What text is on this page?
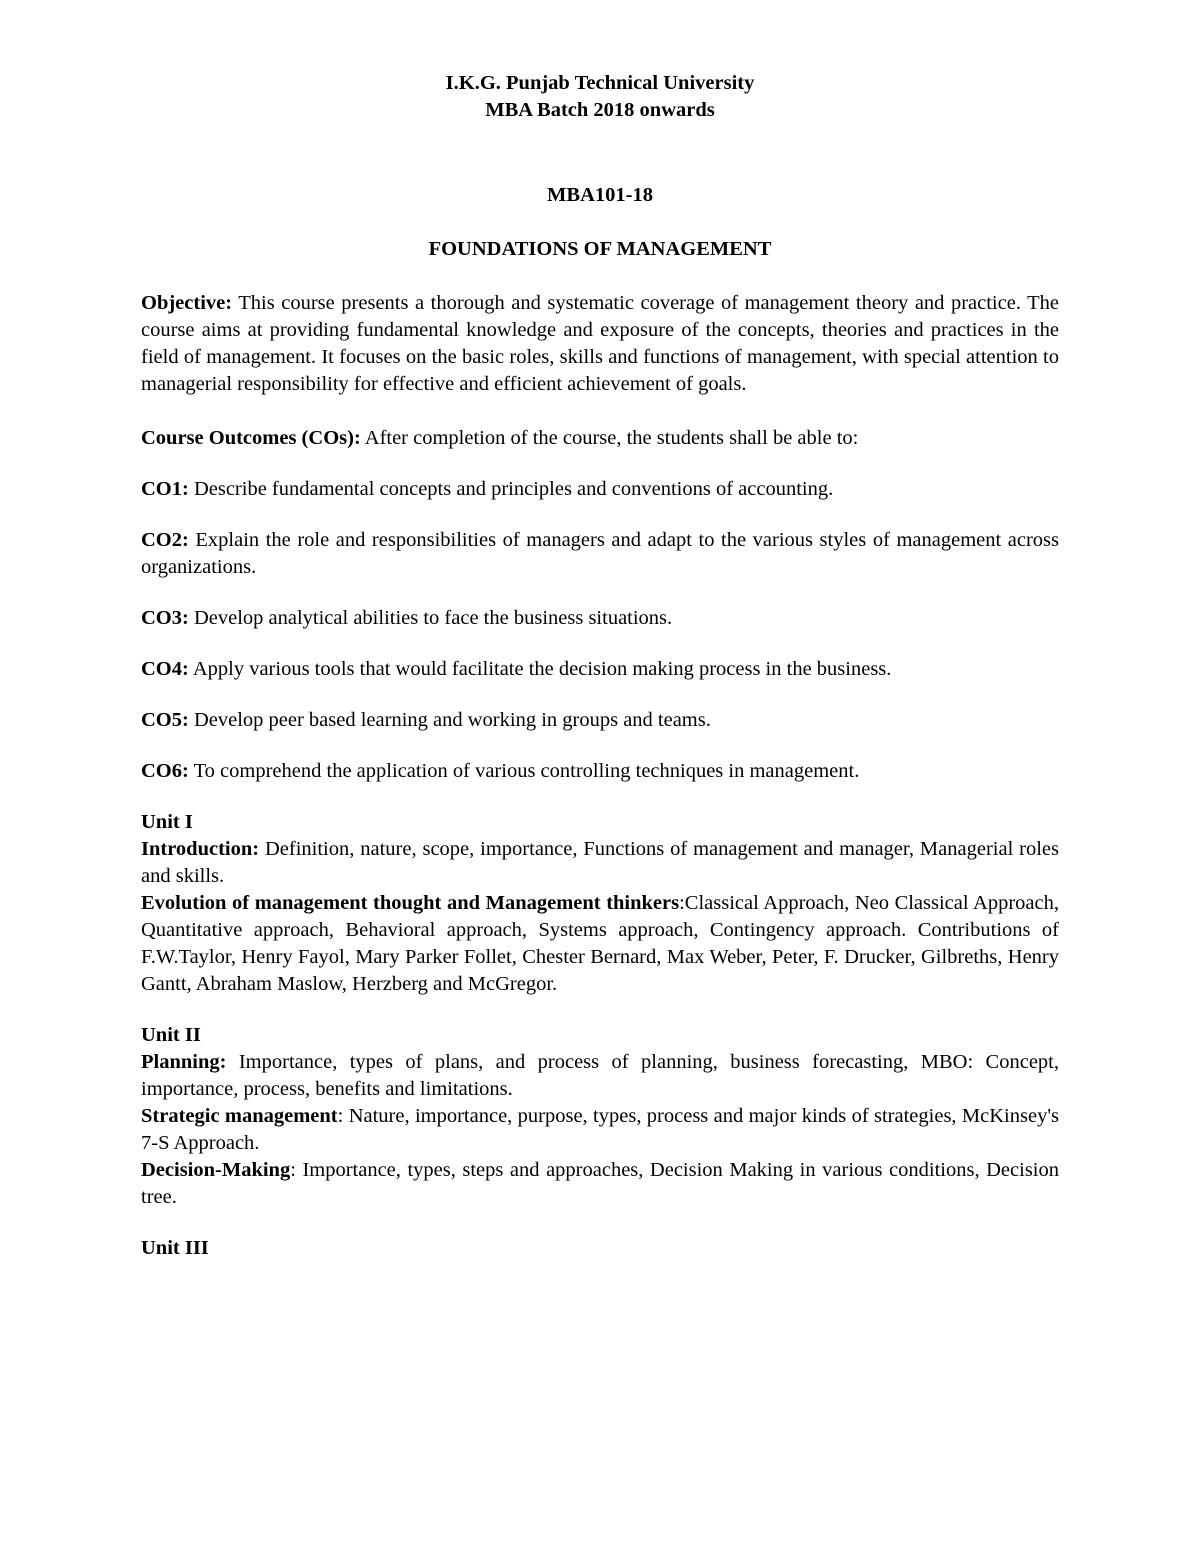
I.K.G. Punjab Technical University
MBA Batch 2018 onwards
MBA101-18
FOUNDATIONS OF MANAGEMENT

Objective: This course presents a thorough and systematic coverage of management theory and practice. The course aims at providing fundamental knowledge and exposure of the concepts, theories and practices in the field of management. It focuses on the basic roles, skills and functions of management, with special attention to managerial responsibility for effective and efficient achievement of goals.

Course Outcomes (COs): After completion of the course, the students shall be able to:

CO1: Describe fundamental concepts and principles and conventions of accounting.

CO2: Explain the role and responsibilities of managers and adapt to the various styles of management across organizations.

CO3: Develop analytical abilities to face the business situations.

CO4: Apply various tools that would facilitate the decision making process in the business.

CO5: Develop peer based learning and working in groups and teams.

CO6: To comprehend the application of various controlling techniques in management.

Unit I

Introduction: Definition, nature, scope, importance, Functions of management and manager, Managerial roles and skills.

Evolution of management thought and Management thinkers:Classical Approach, Neo Classical Approach, Quantitative approach, Behavioral approach, Systems approach, Contingency approach. Contributions of F.W.Taylor, Henry Fayol, Mary Parker Follet, Chester Bernard, Max Weber, Peter, F. Drucker, Gilbreths, Henry Gantt, Abraham Maslow, Herzberg and McGregor.

Unit II

Planning: Importance, types of plans, and process of planning, business forecasting, MBO: Concept, importance, process, benefits and limitations.

Strategic management: Nature, importance, purpose, types, process and major kinds of strategies, McKinsey's 7-S Approach.

Decision-Making: Importance, types, steps and approaches, Decision Making in various conditions, Decision tree.

Unit III
